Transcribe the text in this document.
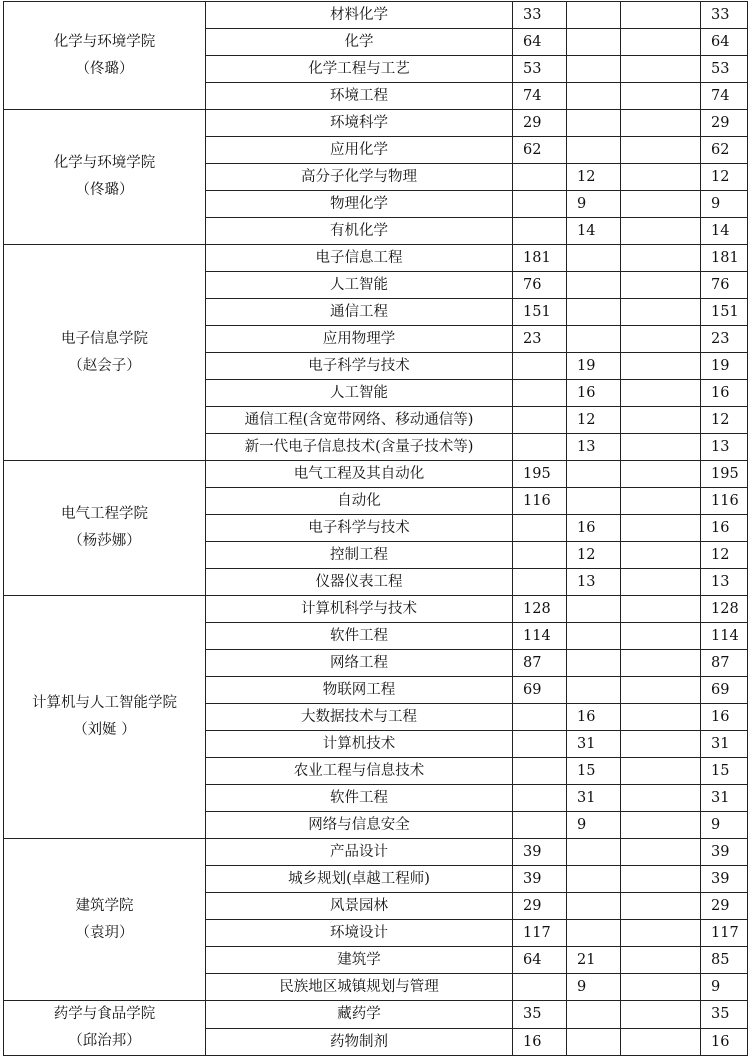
化学与环境学院
（佟璐）	材料化学	33			33
	化学	64			64
	化学工程与工艺	53			53
	环境工程	74			74

化学与环境学院
（佟璐）	环境科学	29			29
	应用化学	62			62
	高分子化学与物理		12		12
	物理化学		9		9
	有机化学		14		14

电子信息学院
（赵会子）	电子信息工程	181			181
	人工智能	76			76
	通信工程	151			151
	应用物理学	23			23
	电子科学与技术		19		19
	人工智能		16		16
	通信工程(含宽带网络、移动通信等)		12		12
	新一代电子信息技术(含量子技术等)		13		13

电气工程学院
（杨莎娜）	电气工程及其自动化	195			195
	自动化	116			116
	电子科学与技术		16		16
	控制工程		12		12
	仪器仪表工程		13		13

计算机与人工智能学院
（刘娫 ）	计算机科学与技术	128			128
	软件工程	114			114
	网络工程	87			87
	物联网工程	69			69
	大数据技术与工程		16		16
	计算机技术		31		31
	农业工程与信息技术		15		15
	软件工程		31		31
	网络与信息安全		9		9

建筑学院
（袁玥）	产品设计	39			39
	城乡规划(卓越工程师)	39			39
	风景园林	29			29
	环境设计	117			117
	建筑学	64	21		85
	民族地区城镇规划与管理		9		9

药学与食品学院
（邱治邦）	藏药学	35			35
	药物制剂	16			16
